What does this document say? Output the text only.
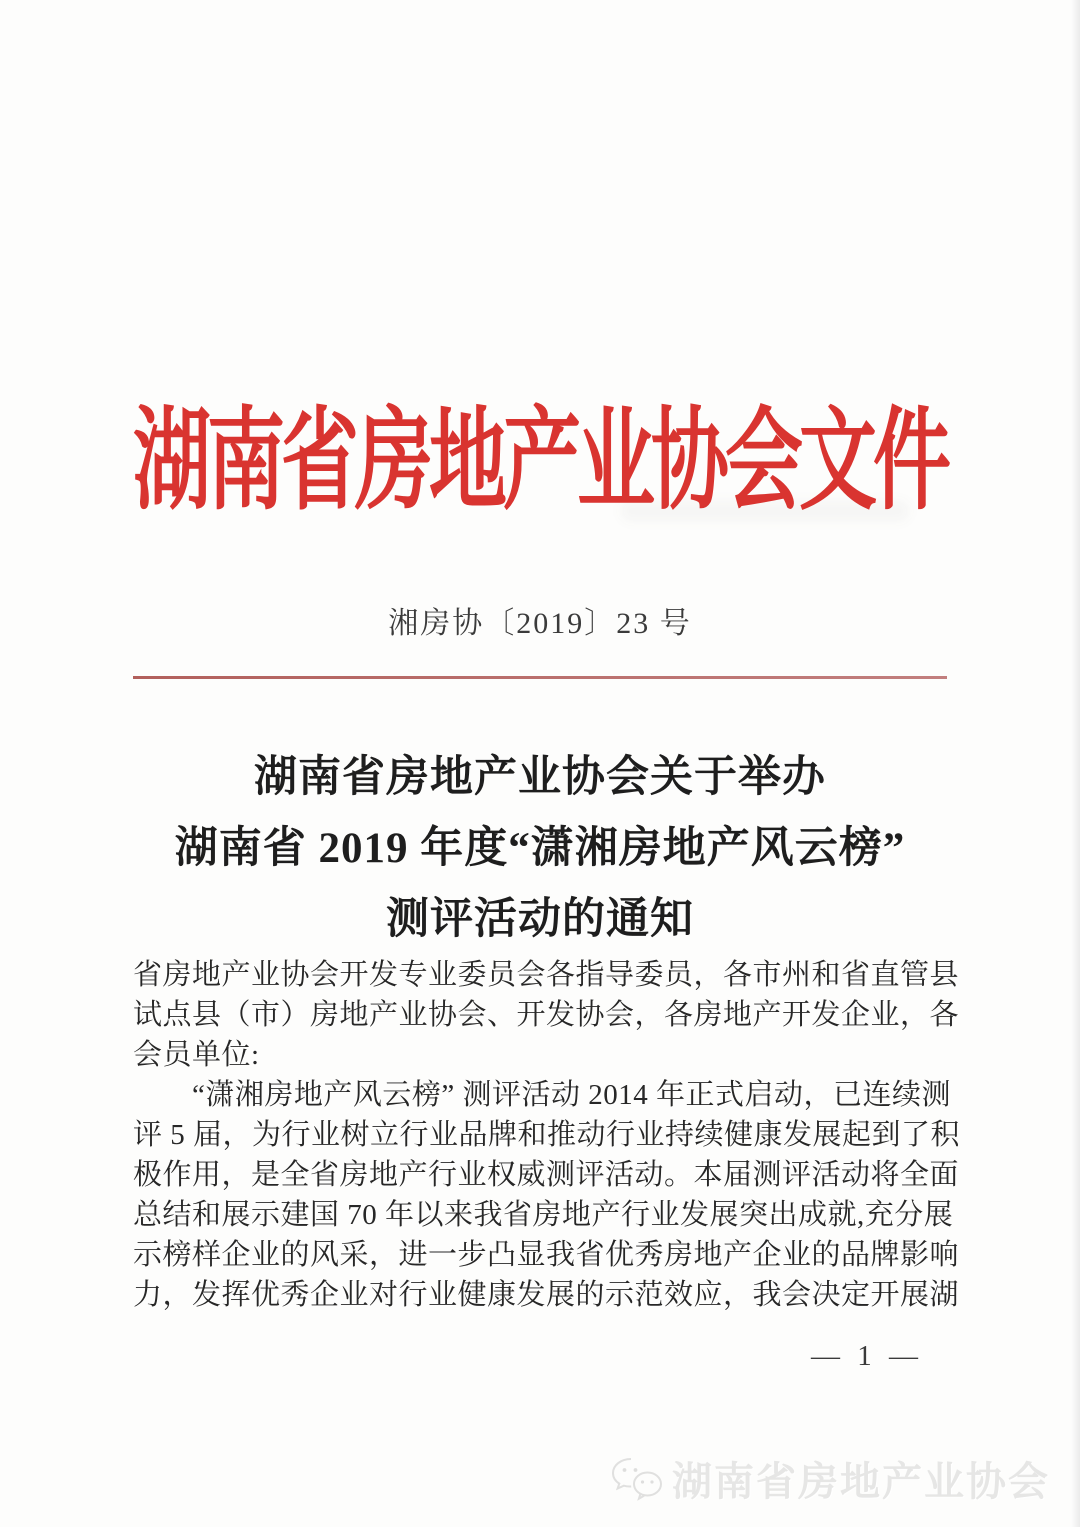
湖南省房地产业协会文件
湘房协〔2019〕23 号
湖南省房地产业协会关于举办
湖南省 2019 年度“潇湘房地产风云榜”
测评活动的通知
省房地产业协会开发专业委员会各指导委员，各市州和省直管县
试点县（市）房地产业协会、开发协会，各房地产开发企业，各
会员单位:
　　“潇湘房地产风云榜” 测评活动 2014 年正式启动，已连续测
评 5 届，为行业树立行业品牌和推动行业持续健康发展起到了积
极作用，是全省房地产行业权威测评活动。本届测评活动将全面
总结和展示建国 70 年以来我省房地产行业发展突出成就,充分展
示榜样企业的风采，进一步凸显我省优秀房地产企业的品牌影响
力，发挥优秀企业对行业健康发展的示范效应，我会决定开展湖
— 1 —
湖南省房地产业协会
